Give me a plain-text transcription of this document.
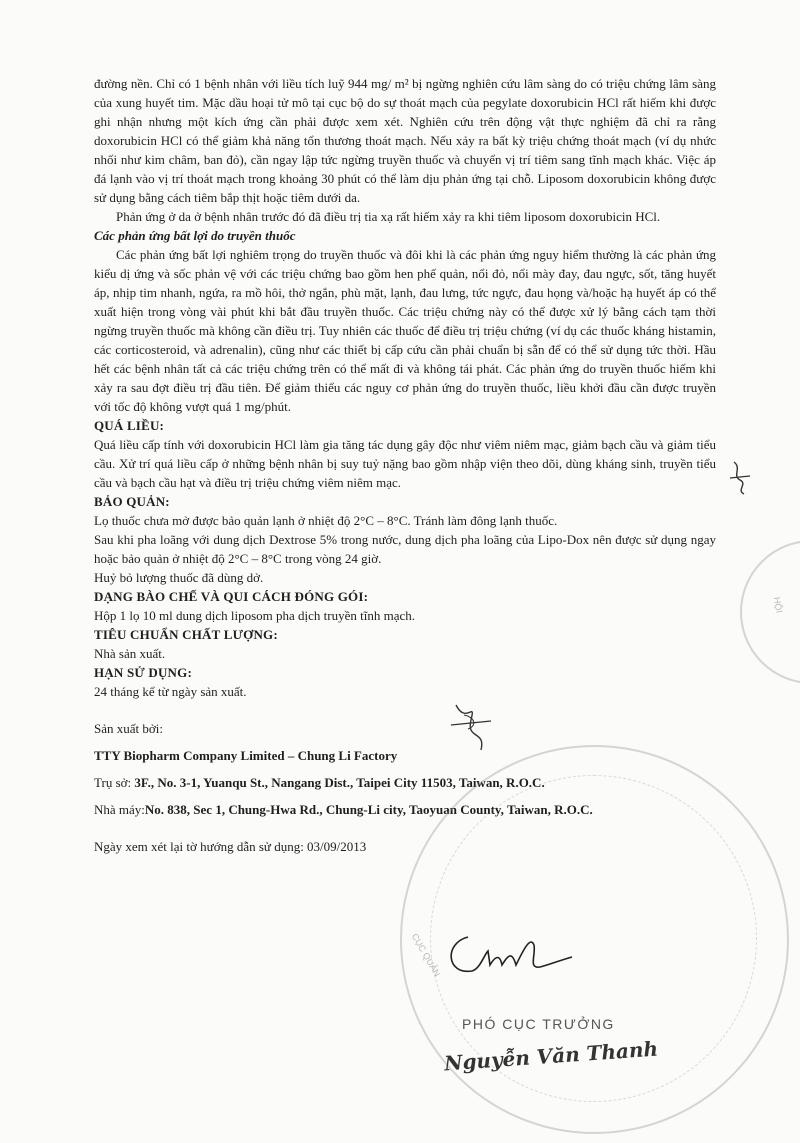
đường nền. Chỉ có 1 bệnh nhân với liều tích luỹ 944 mg/ m² bị ngừng nghiên cứu lâm sàng do có triệu chứng lâm sàng của xung huyết tim. Mặc dầu hoại tử mô tại cục bộ do sự thoát mạch của pegylate doxorubicin HCl rất hiếm khi được ghi nhận nhưng một kích ứng cần phải được xem xét. Nghiên cứu trên động vật thực nghiệm đã chỉ ra rằng doxorubicin HCl có thể giảm khả năng tổn thương thoát mạch. Nếu xảy ra bất kỳ triệu chứng thoát mạch (ví dụ nhức nhối như kim châm, ban đỏ), cần ngay lập tức ngừng truyền thuốc và chuyển vị trí tiêm sang tĩnh mạch khác. Việc áp đá lạnh vào vị trí thoát mạch trong khoảng 30 phút có thể làm dịu phản ứng tại chỗ. Liposom doxorubicin không được sử dụng bằng cách tiêm bắp thịt hoặc tiêm dưới da.

Phản ứng ở da ở bệnh nhân trước đó đã điều trị tia xạ rất hiếm xảy ra khi tiêm liposom doxorubicin HCl.

Các phản ứng bất lợi do truyền thuốc

Các phản ứng bất lợi nghiêm trọng do truyền thuốc và đôi khi là các phản ứng nguy hiểm thường là các phản ứng kiểu dị ứng và sốc phản vệ với các triệu chứng bao gồm hen phế quản, nổi đỏ, nổi mày đay, đau ngực, sốt, tăng huyết áp, nhịp tim nhanh, ngứa, ra mồ hôi, thở ngắn, phù mặt, lạnh, đau lưng, tức ngực, đau họng và/hoặc hạ huyết áp có thể xuất hiện trong vòng vài phút khi bắt đầu truyền thuốc. Các triệu chứng này có thể được xử lý bằng cách tạm thời ngừng truyền thuốc mà không cần điều trị. Tuy nhiên các thuốc để điều trị triệu chứng (ví dụ các thuốc kháng histamin, các corticosteroid, và adrenalin), cũng như các thiết bị cấp cứu cần phải chuẩn bị sẵn để có thể sử dụng tức thời. Hầu hết các bệnh nhân tất cả các triệu chứng trên có thể mất đi và không tái phát. Các phản ứng do truyền thuốc hiếm khi xảy ra sau đợt điều trị đầu tiên. Để giảm thiểu các nguy cơ phản ứng do truyền thuốc, liều khởi đầu cần được truyền với tốc độ không vượt quá 1 mg/phút.

QUÁ LIỀU:

Quá liều cấp tính với doxorubicin HCl làm gia tăng tác dụng gây độc như viêm niêm mạc, giảm bạch cầu và giảm tiểu cầu. Xử trí quá liều cấp ở những bệnh nhân bị suy tuỷ nặng bao gồm nhập viện theo dõi, dùng kháng sinh, truyền tiểu cầu và bạch cầu hạt và điều trị triệu chứng viêm niêm mạc.

BẢO QUẢN:

Lọ thuốc chưa mở được bảo quản lạnh ở nhiệt độ 2°C – 8°C. Tránh làm đông lạnh thuốc.

Sau khi pha loãng với dung dịch Dextrose 5% trong nước, dung dịch pha loãng của Lipo-Dox nên được sử dụng ngay hoặc bảo quản ở nhiệt độ 2°C – 8°C trong vòng 24 giờ.

Huỷ bỏ lượng thuốc đã dùng dở.

DẠNG BÀO CHẾ VÀ QUI CÁCH ĐÓNG GÓI:

Hộp 1 lọ 10 ml dung dịch liposom pha dịch truyền tĩnh mạch.

TIÊU CHUẨN CHẤT LƯỢNG:

Nhà sản xuất.

HẠN SỬ DỤNG:

24 tháng kể từ ngày sản xuất.

Sản xuất bởi:

TTY Biopharm Company Limited – Chung Li Factory

Trụ sở: 3F., No. 3-1, Yuanqu St., Nangang Dist., Taipei City 11503, Taiwan, R.O.C.

Nhà máy:No. 838, Sec 1, Chung-Hwa Rd., Chung-Li city, Taoyuan County, Taiwan, R.O.C.

Ngày xem xét lại tờ hướng dẫn sử dụng: 03/09/2013

HỘI
CỤC QUẢN
PHÓ CỤC TRƯỞNG
Nguyễn Văn Thanh
